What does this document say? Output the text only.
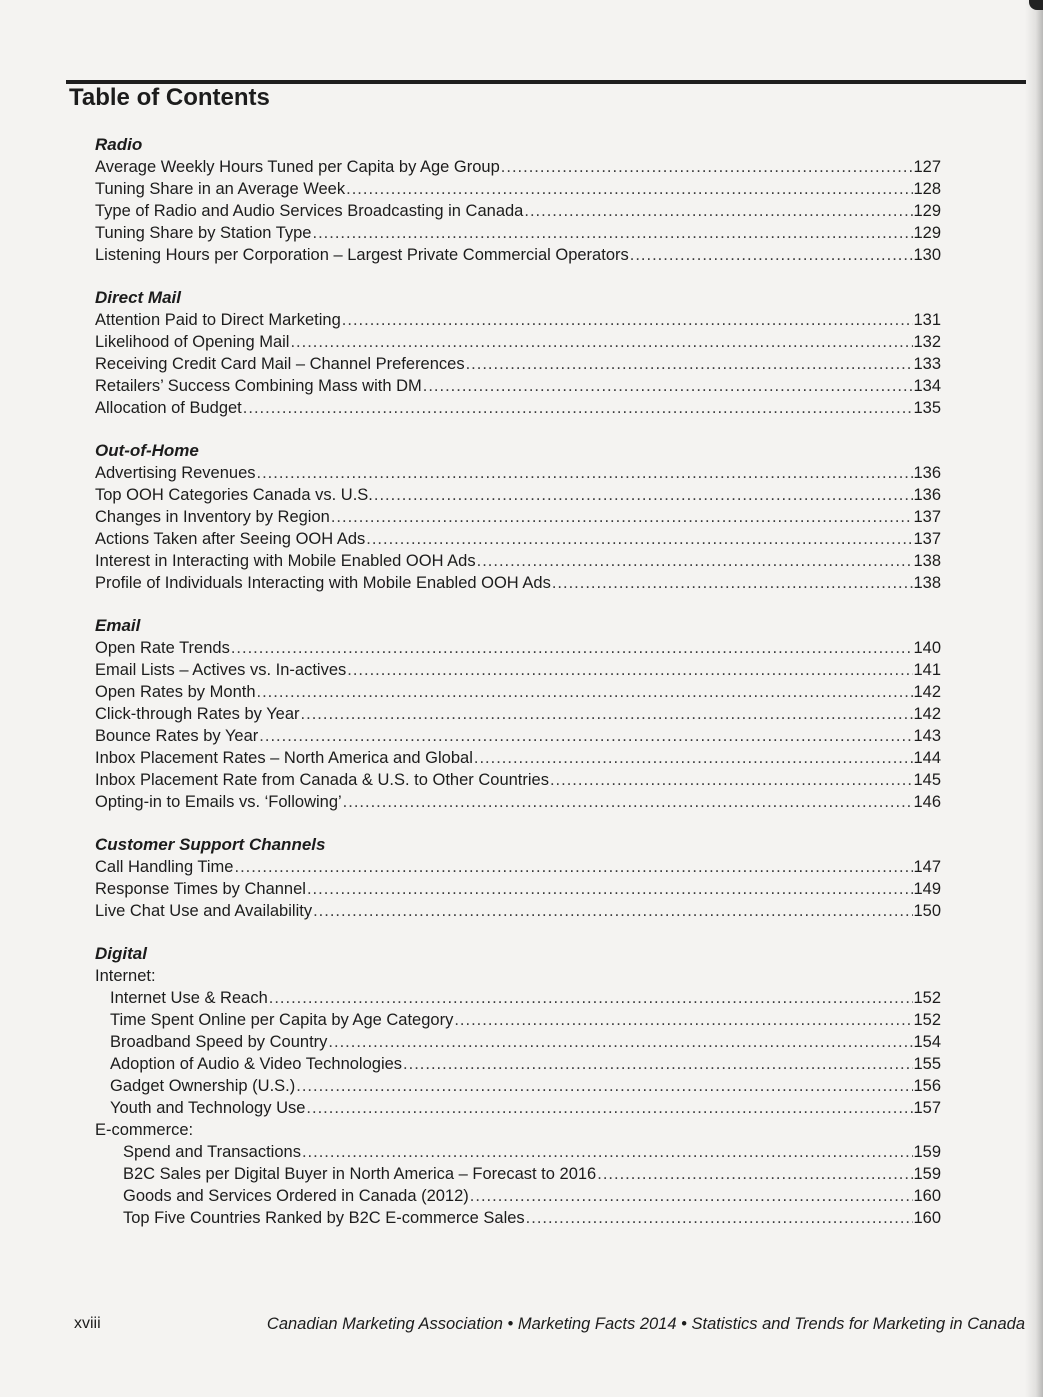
Table of Contents
Radio
Average Weekly Hours Tuned per Capita by Age Group .....	127
Tuning Share in an Average Week .....	128
Type of Radio and Audio Services Broadcasting in Canada .....	129
Tuning Share by Station Type .....	129
Listening Hours per Corporation – Largest Private Commercial Operators .....	130
Direct Mail
Attention Paid to Direct Marketing .....	131
Likelihood of Opening Mail .....	132
Receiving Credit Card Mail – Channel Preferences .....	133
Retailers’ Success Combining Mass with DM .....	134
Allocation of Budget .....	135
Out-of-Home
Advertising Revenues .....	136
Top OOH Categories Canada vs. U.S. .....	136
Changes in Inventory by Region .....	137
Actions Taken after Seeing OOH Ads .....	137
Interest in Interacting with Mobile Enabled OOH Ads .....	138
Profile of Individuals Interacting with Mobile Enabled OOH Ads .....	138
Email
Open Rate Trends .....	140
Email Lists – Actives vs. In-actives .....	141
Open Rates by Month .....	142
Click-through Rates by Year .....	142
Bounce Rates by Year .....	143
Inbox Placement Rates – North America and Global .....	144
Inbox Placement Rate from Canada & U.S. to Other Countries .....	145
Opting-in to Emails vs. ‘Following’ .....	146
Customer Support Channels
Call Handling Time .....	147
Response Times by Channel .....	149
Live Chat Use and Availability .....	150
Digital
Internet:
Internet Use & Reach .....	152
Time Spent Online per Capita by Age Category .....	152
Broadband Speed by Country .....	154
Adoption of Audio & Video Technologies .....	155
Gadget Ownership (U.S.) .....	156
Youth and Technology Use .....	157
E-commerce:
Spend and Transactions .....	159
B2C Sales per Digital Buyer in North America – Forecast to 2016 .....	159
Goods and Services Ordered in Canada (2012) .....	160
Top Five Countries Ranked by B2C E-commerce Sales .....	160
xviii	Canadian Marketing Association • Marketing Facts 2014 • Statistics and Trends for Marketing in Canada
